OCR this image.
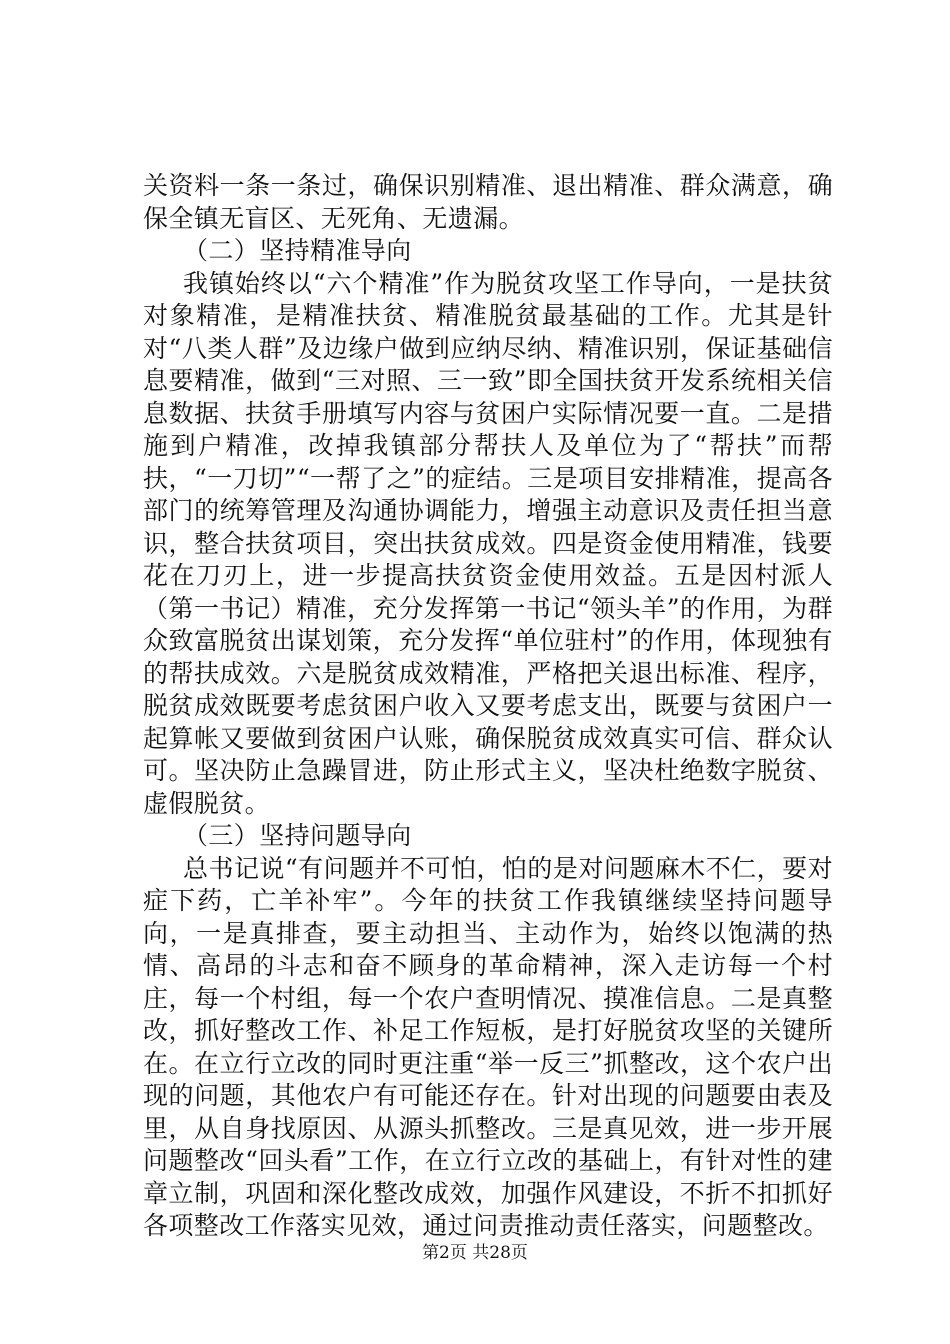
关资料一条一条过，确保识别精准、退出精准、群众满意，确保全镇无盲区、无死角、无遗漏。

（二）坚持精准导向

我镇始终以“六个精准”作为脱贫攻坚工作导向，一是扶贫对象精准，是精准扶贫、精准脱贫最基础的工作。尤其是针对“八类人群”及边缘户做到应纳尽纳、精准识别，保证基础信息要精准，做到“三对照、三一致”即全国扶贫开发系统相关信息数据、扶贫手册填写内容与贫困户实际情况要一直。二是措施到户精准，改掉我镇部分帮扶人及单位为了“帮扶”而帮扶，“一刀切”“一帮了之”的症结。三是项目安排精准，提高各部门的统筹管理及沟通协调能力，增强主动意识及责任担当意识，整合扶贫项目，突出扶贫成效。四是资金使用精准，钱要花在刀刃上，进一步提高扶贫资金使用效益。五是因村派人（第一书记）精准，充分发挥第一书记“领头羊”的作用，为群众致富脱贫出谋划策，充分发挥“单位驻村”的作用，体现独有的帮扶成效。六是脱贫成效精准，严格把关退出标准、程序，脱贫成效既要考虑贫困户收入又要考虑支出，既要与贫困户一起算帐又要做到贫困户认账，确保脱贫成效真实可信、群众认可。坚决防止急躁冒进，防止形式主义，坚决杜绝数字脱贫、虚假脱贫。

（三）坚持问题导向

总书记说“有问题并不可怕，怕的是对问题麻木不仁，要对症下药，亡羊补牢”。今年的扶贫工作我镇继续坚持问题导向，一是真排查，要主动担当、主动作为，始终以饱满的热情、高昂的斗志和奋不顾身的革命精神，深入走访每一个村庄，每一个村组，每一个农户查明情况、摸准信息。二是真整改，抓好整改工作、补足工作短板，是打好脱贫攻坚的关键所在。在立行立改的同时更注重“举一反三”抓整改，这个农户出现的问题，其他农户有可能还存在。针对出现的问题要由表及里，从自身找原因、从源头抓整改。三是真见效，进一步开展问题整改“回头看”工作，在立行立改的基础上，有针对性的建章立制，巩固和深化整改成效，加强作风建设，不折不扣抓好各项整改工作落实见效，通过问责推动责任落实，问题整改。

第2页 共28页
